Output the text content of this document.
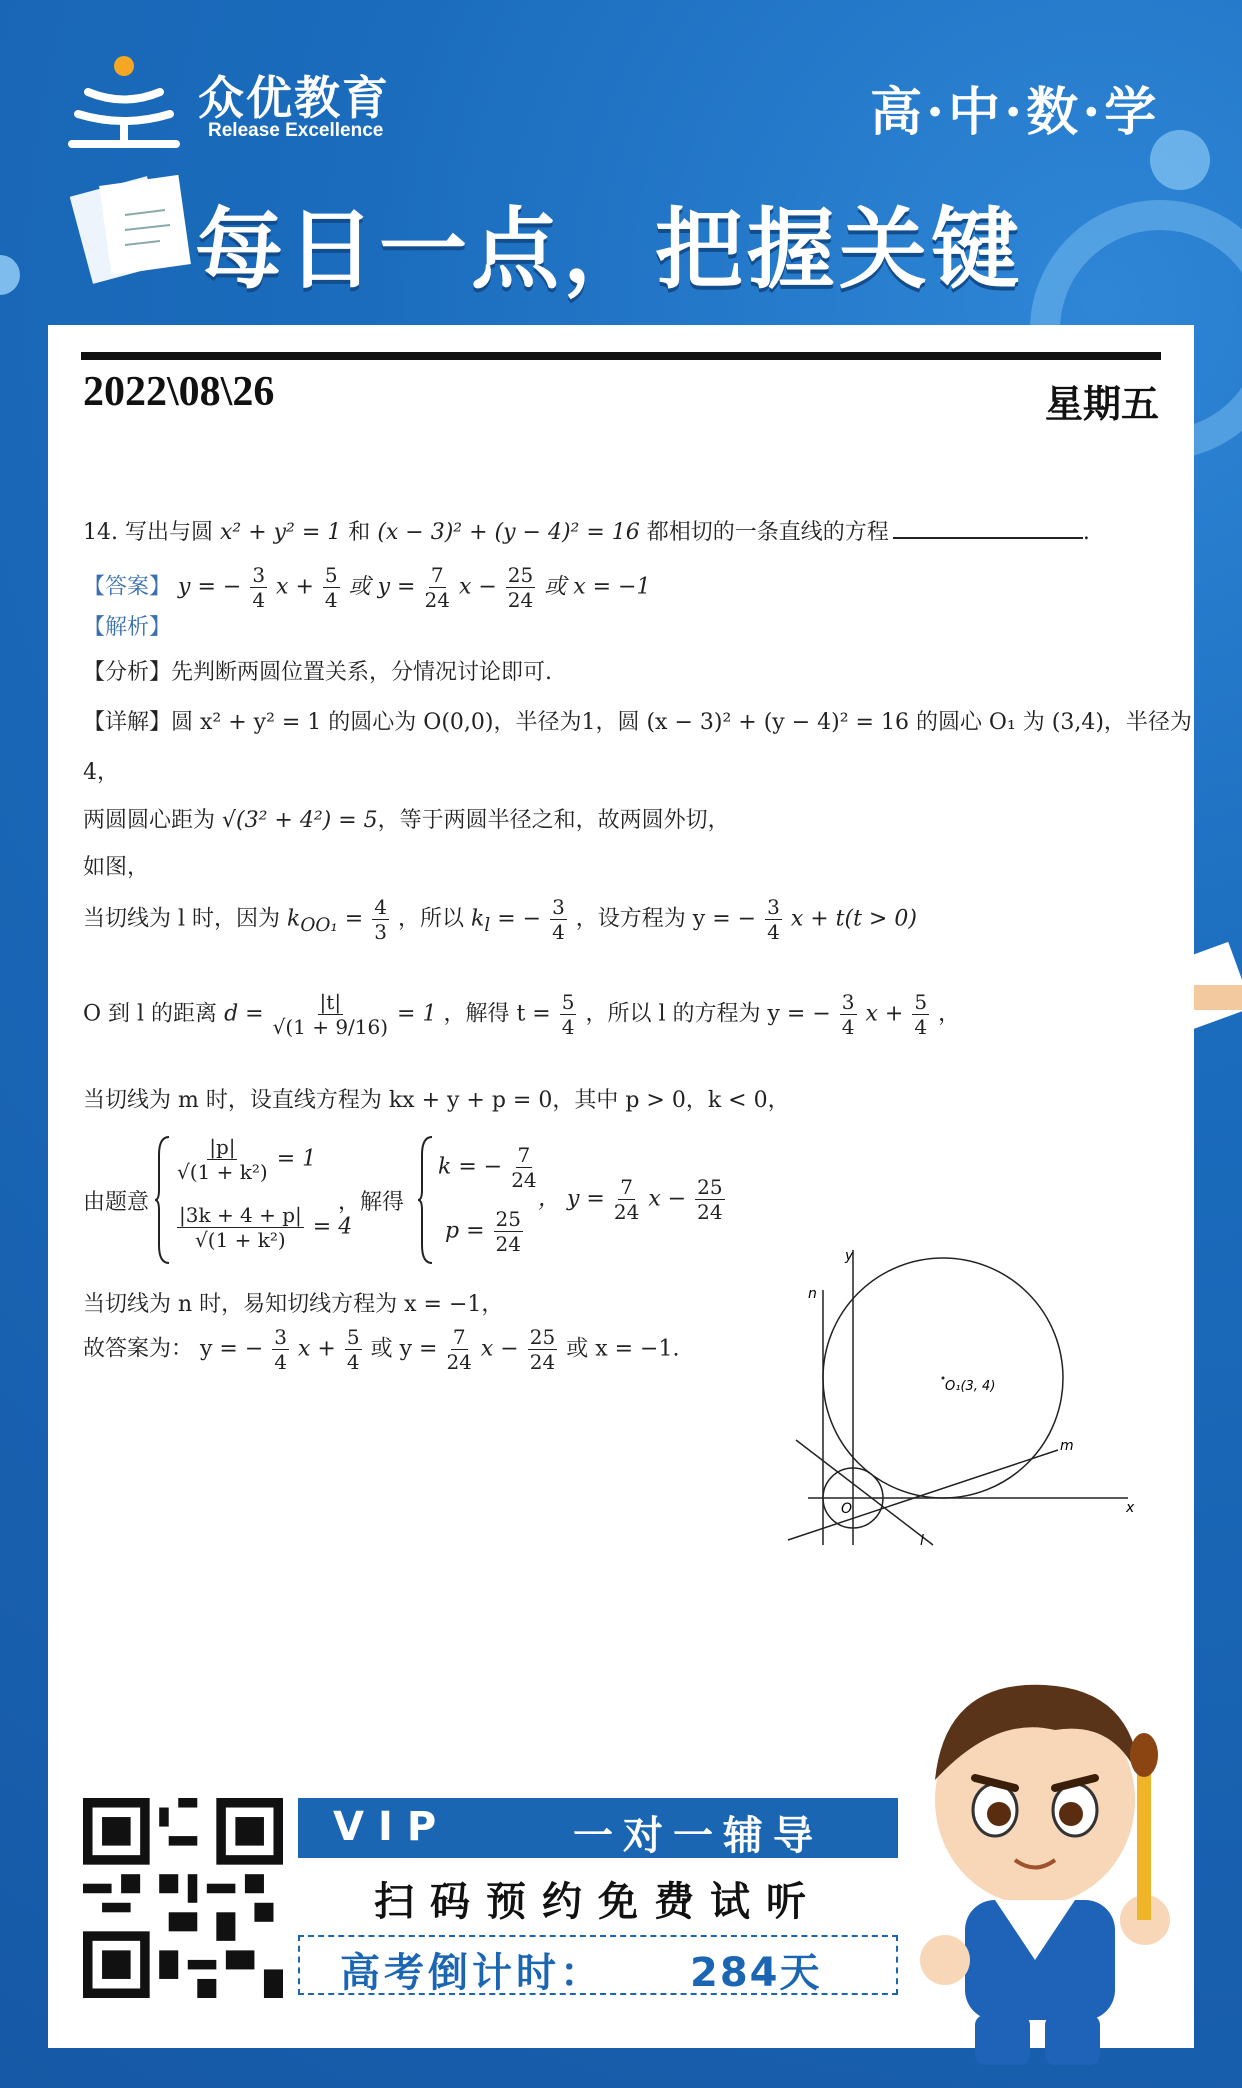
众优教育
Release Excellence	高·中·数·学
每日一点，把握关键
2022\08\26	星期五
14. 写出与圆 x² + y² = 1 和 (x − 3)² + (y − 4)² = 16 都相切的一条直线的方程	.
【答案】 y = − $\frac{3}{4}$ $x + \frac{5}{4}$ 或 $y = \frac{7}{24}$ $x - \frac{25}{24}$ 或 x = −1
【解析】
【分析】先判断两圆位置关系，分情况讨论即可.
【详解】圆 x² + y² = 1 的圆心为 O(0,0)，半径为1，圆 (x − 3)² + (y − 4)² = 16 的圆心 O₁ 为 (3,4)，半径为
4，
两圆圆心距为 √(3² + 4²) = 5，等于两圆半径之和，故两圆外切，
如图，
当切线为 l 时，因为 $k_{OO_1} = \frac{4}{3}$ ，所以 $k_l$ = − $\frac{3}{4}$ ，设方程为 y = − $\frac{3}{4}$ x + t(t > 0)
O 到 l 的距离 $d = \frac{|t|}{√(1 + 9/16)} = 1$ ，解得 $t = \frac{5}{4}$ ，所以 l 的方程为 y = − $\frac{3}{4}$ $x + \frac{5}{4}$ ，
当切线为 m 时，设直线方程为 kx + y + p = 0，其中 p > 0，k < 0，
由题意
$\frac{|p|}{\text{√(1 + k²)}} = 1$
$\frac{|3k + 4 + p|}{\text{√(1 + k²)}} = 4$
，解得
k = − $\frac{7}{24}$
$p = \frac{25}{24}$
， $y = \frac{7}{24}$ $x - \frac{25}{24}$
当切线为 n 时，易知切线方程为 x = −1，
故答案为： y = − $\frac{3}{4}$ $x + \frac{5}{4}$ 或 $y = \frac{7}{24}$ $x - \frac{25}{24}$ 或 x = −1.
x
y
O
O₁(3, 4)
n
m
l
VIP	一对一辅导
扫码预约免费试听
高考倒计时： 284天
